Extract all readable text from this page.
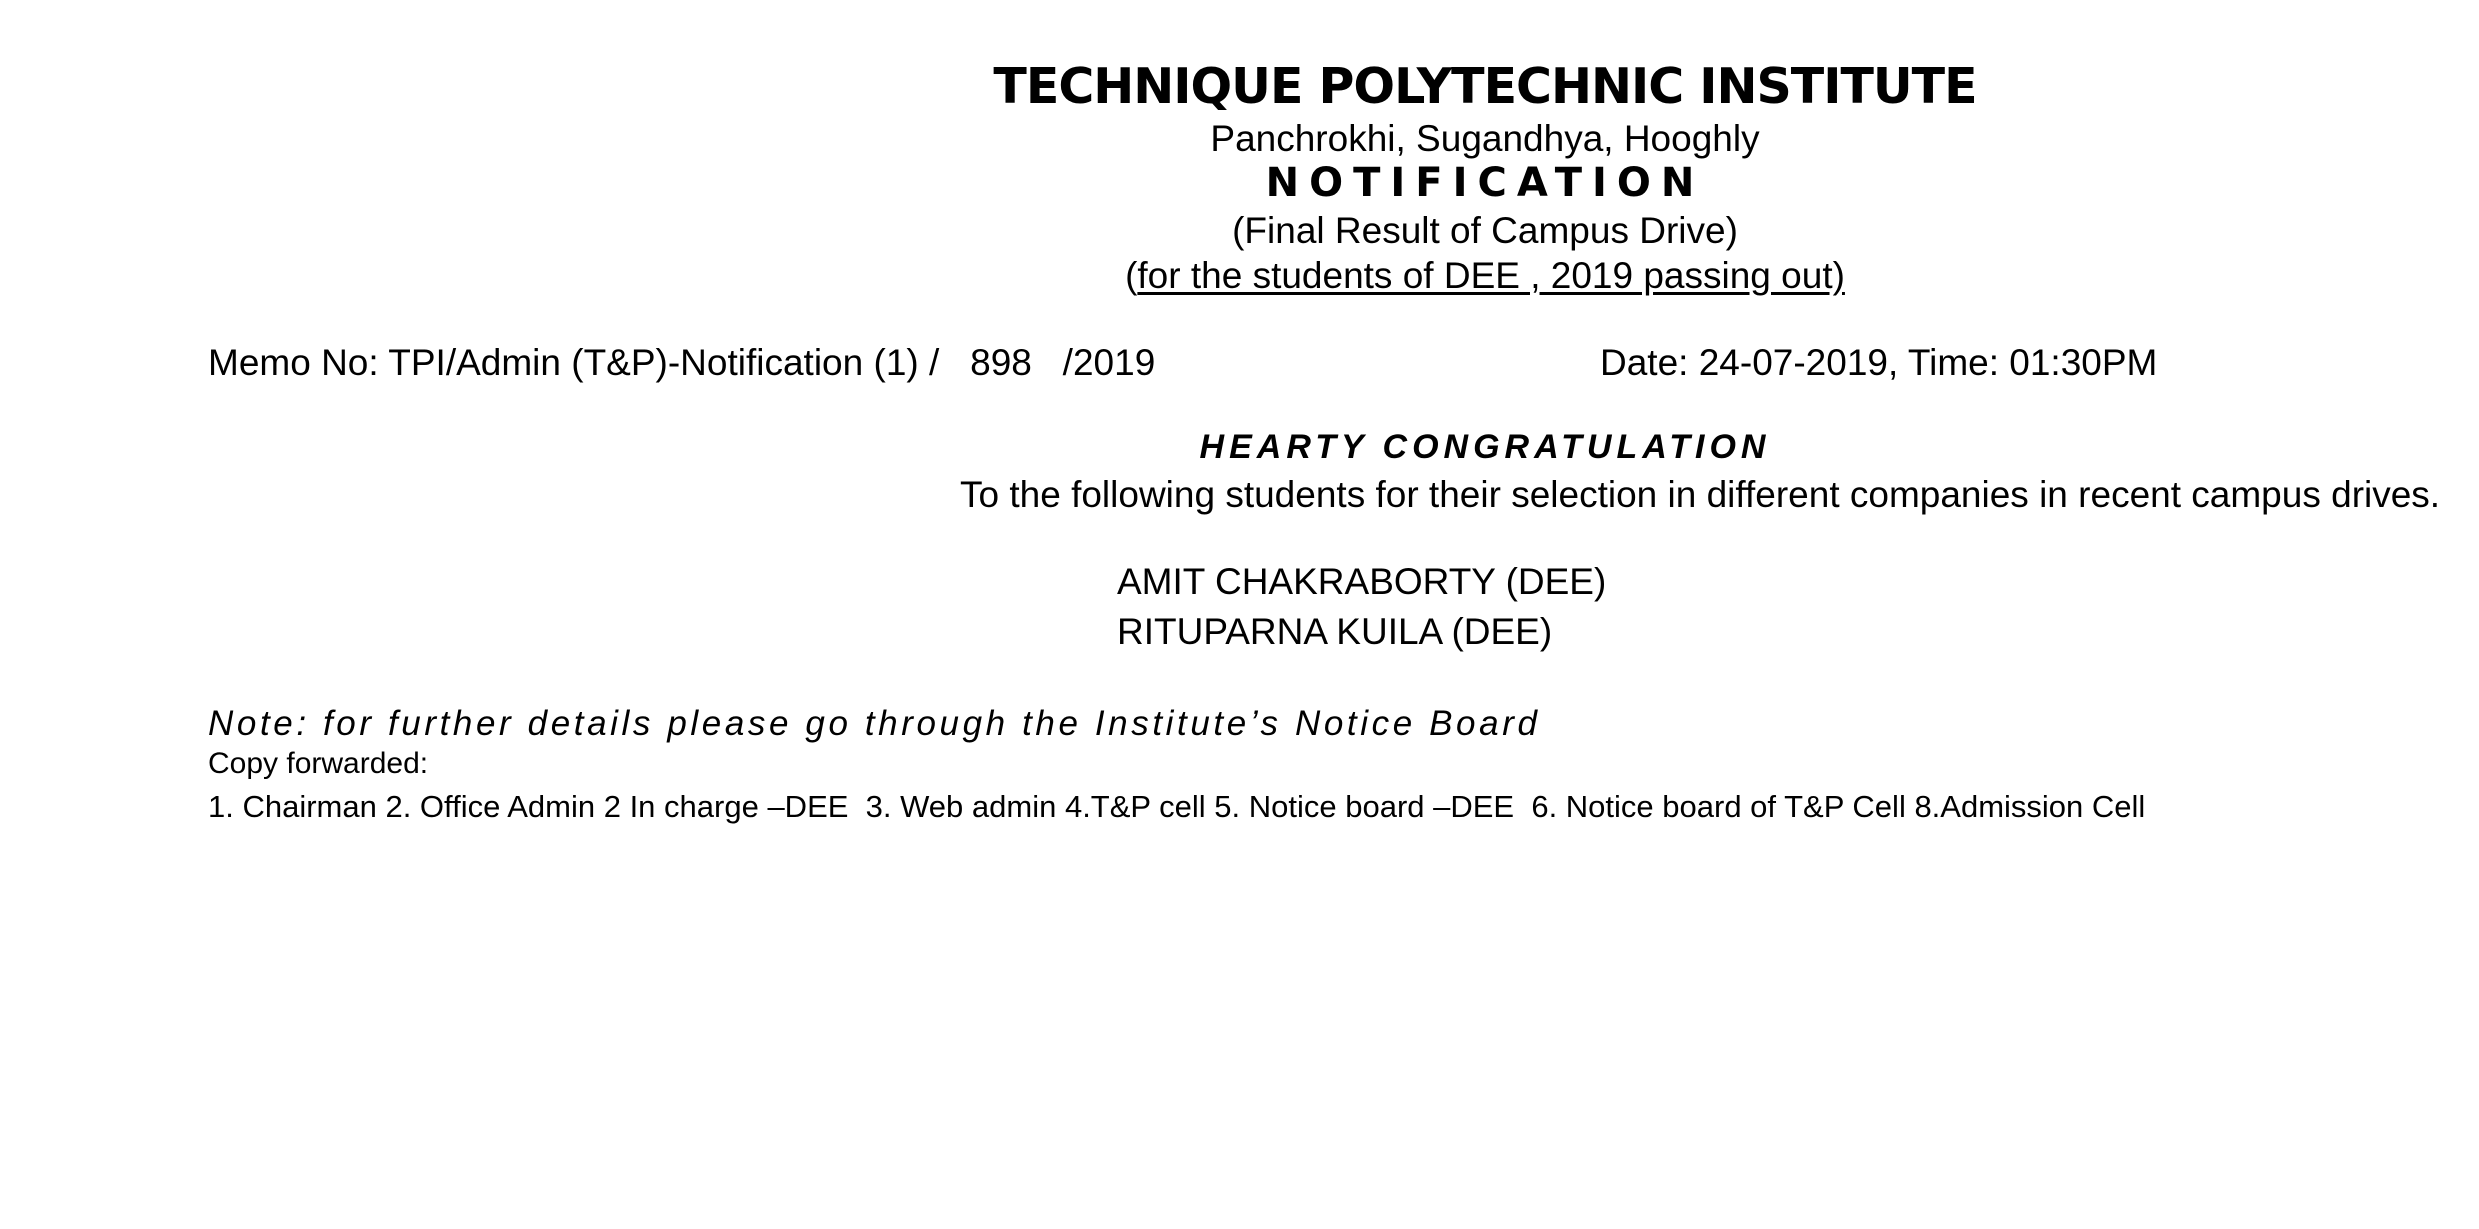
TECHNIQUE POLYTECHNIC INSTITUTE
Panchrokhi, Sugandhya, Hooghly
NOTIFICATION
(Final Result of Campus Drive)
(for the students of DEE , 2019 passing out)
Memo No: TPI/Admin (T&P)-Notification (1) /   898   /2019	Date: 24-07-2019, Time: 01:30PM
HEARTY CONGRATULATION
To the following students for their selection in different companies in recent campus drives.
AMIT CHAKRABORTY (DEE)
RITUPARNA KUILA (DEE)
Note: for further details please go through the Institute’s Notice Board
Copy forwarded:
1. Chairman 2. Office Admin 2 In charge –DEE  3. Web admin 4.T&P cell 5. Notice board –DEE  6. Notice board of T&P Cell 8.Admission Cell
